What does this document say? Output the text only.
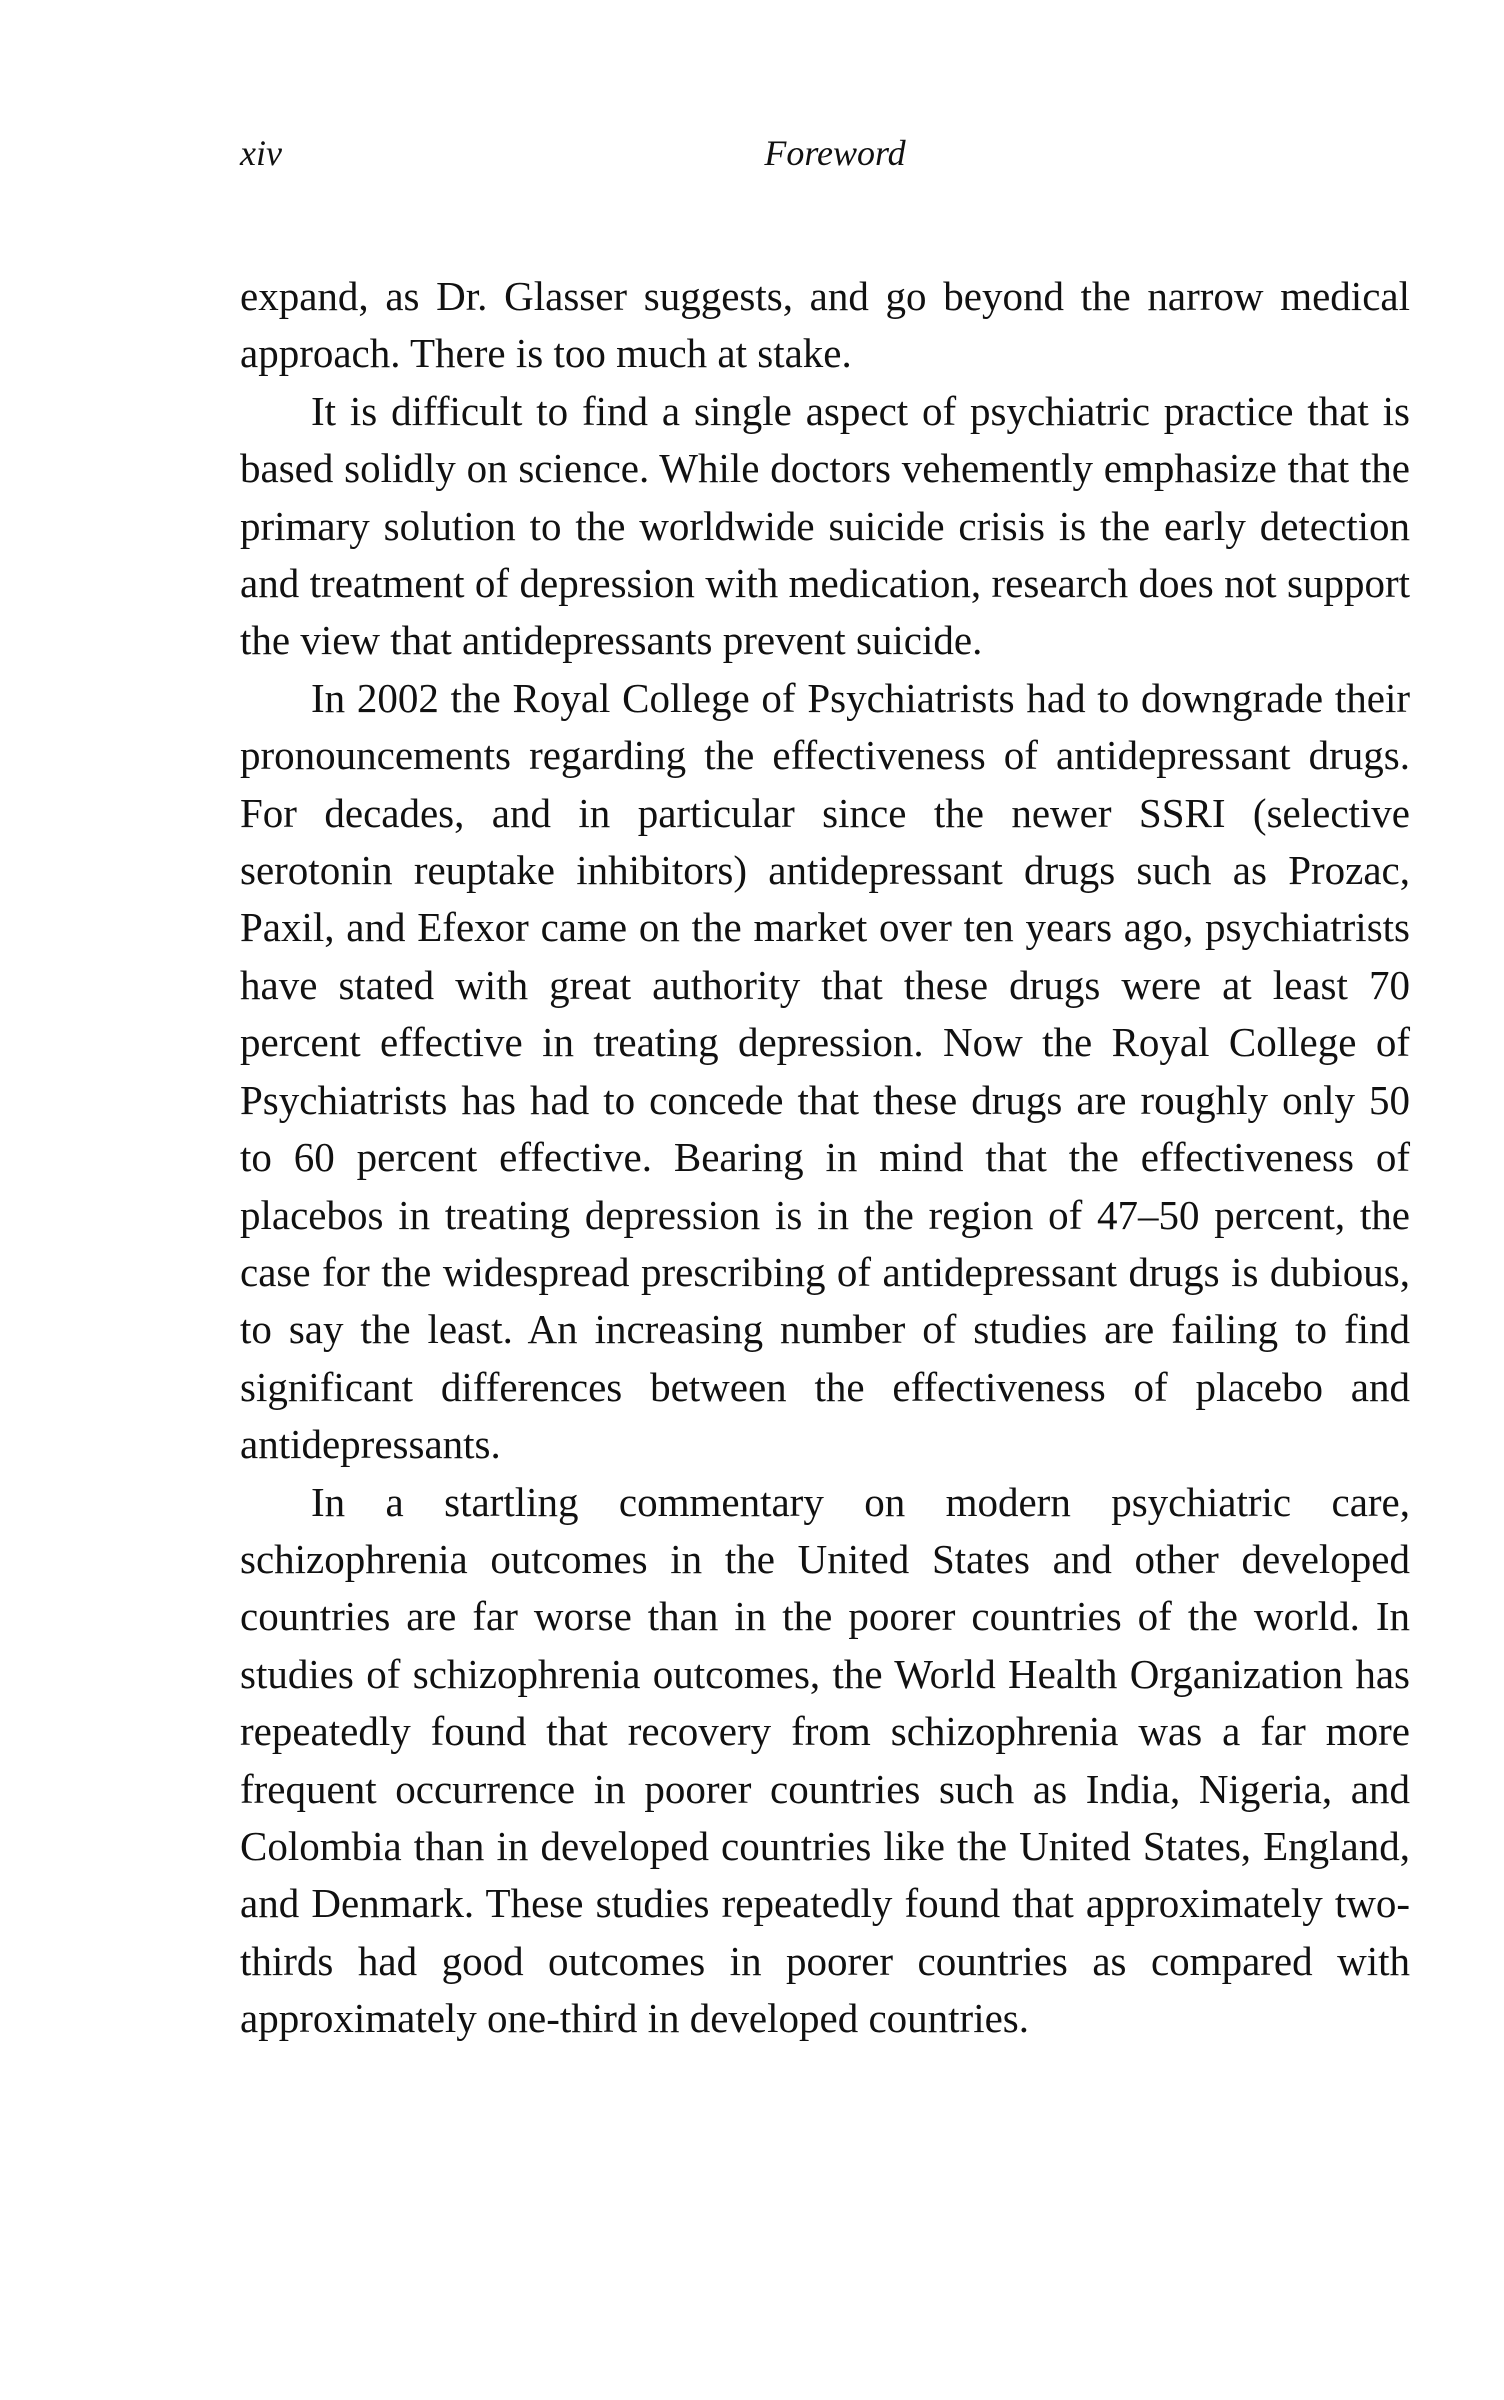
xiv	Foreword

expand, as Dr. Glasser suggests, and go beyond the narrow medical approach. There is too much at stake.

It is difficult to find a single aspect of psychiatric practice that is based solidly on science. While doctors vehemently emphasize that the primary solution to the worldwide suicide crisis is the early detection and treatment of depression with medication, research does not support the view that antidepressants prevent suicide.

In 2002 the Royal College of Psychiatrists had to downgrade their pronouncements regarding the effectiveness of antidepressant drugs. For decades, and in particular since the newer SSRI (selective serotonin reuptake inhibitors) antidepressant drugs such as Prozac, Paxil, and Efexor came on the market over ten years ago, psychiatrists have stated with great authority that these drugs were at least 70 percent effective in treating depression. Now the Royal College of Psychiatrists has had to concede that these drugs are roughly only 50 to 60 percent effective. Bearing in mind that the effectiveness of placebos in treating depression is in the region of 47–50 percent, the case for the widespread prescribing of antidepressant drugs is dubious, to say the least. An increasing number of studies are failing to find significant differences between the effectiveness of placebo and antidepressants.

In a startling commentary on modern psychiatric care, schizophrenia outcomes in the United States and other developed countries are far worse than in the poorer countries of the world. In studies of schizophrenia outcomes, the World Health Organization has repeatedly found that recovery from schizophrenia was a far more frequent occurrence in poorer countries such as India, Nigeria, and Colombia than in developed countries like the United States, England, and Denmark. These studies repeatedly found that approximately two-thirds had good outcomes in poorer countries as compared with approximately one-third in developed countries.
